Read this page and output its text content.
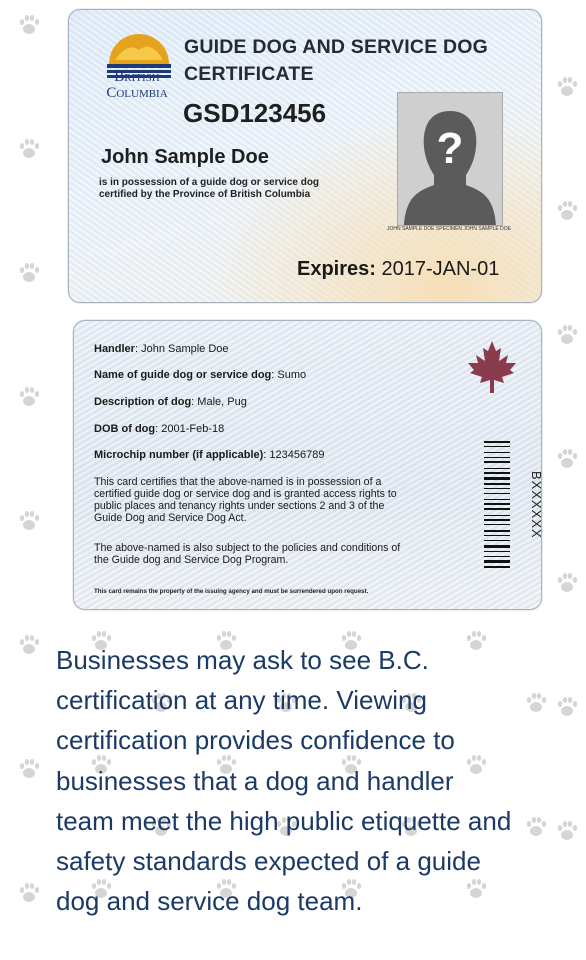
British
Columbia
GUIDE DOG AND SERVICE DOG
CERTIFICATE
GSD123456
John Sample Doe
is in possession of a guide dog or service dog
certified by the Province of British Columbia
?
JOHN SAMPLE DOE SPECIMEN JOHN SAMPLE DOE
Expires: 2017-JAN-01
Handler: John Sample Doe
Name of guide dog or service dog: Sumo
Description of dog: Male, Pug
DOB of dog: 2001-Feb-18
Microchip number (if applicable): 123456789
This card certifies that the above-named is in possession of a
certified guide dog or service dog and is granted access rights to
public places and tenancy rights under sections 2 and 3 of the
Guide Dog and Service Dog Act.
The above-named is also subject to the policies and conditions of
the Guide dog and Service Dog Program.
This card remains the property of the issuing agency and must be surrendered upon request.
BXXXXXX
Businesses may ask to see B.C.
certification at any time. Viewing
certification provides confidence to
businesses that a dog and handler
team meet the high public etiquette and
safety standards expected of a guide
dog and service dog team.
